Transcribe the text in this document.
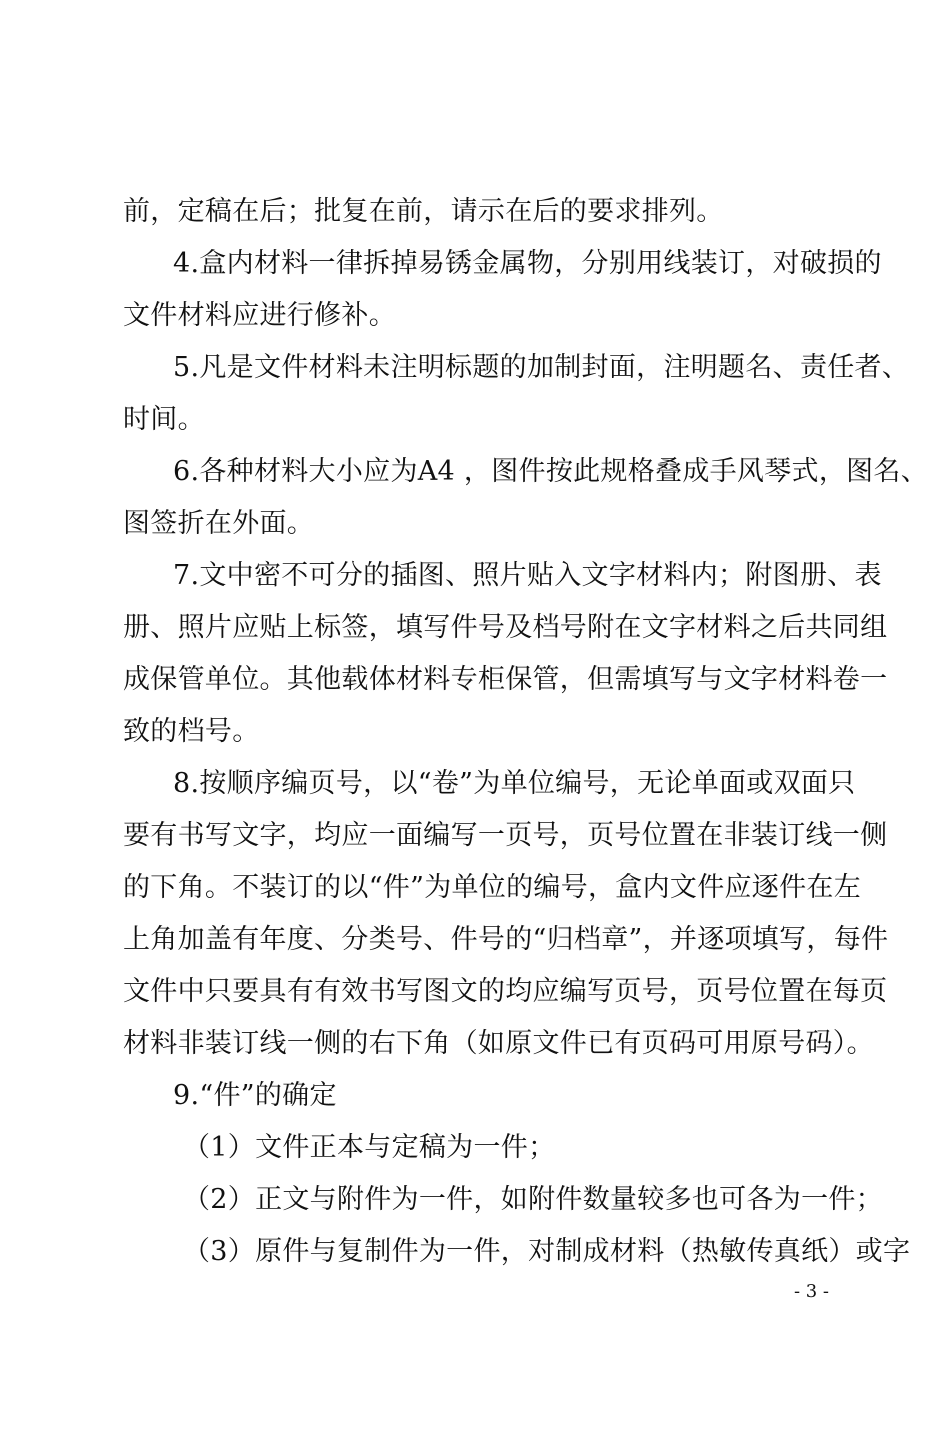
前，定稿在后；批复在前，请示在后的要求排列。
4.盒内材料一律拆掉易锈金属物，分别用线装订，对破损的
文件材料应进行修补。
5.凡是文件材料未注明标题的加制封面，注明题名、责任者、
时间。
6.各种材料大小应为A4 ，图件按此规格叠成手风琴式，图名、
图签折在外面。
7.文中密不可分的插图、照片贴入文字材料内；附图册、表
册、照片应贴上标签，填写件号及档号附在文字材料之后共同组
成保管单位。其他载体材料专柜保管，但需填写与文字材料卷一
致的档号。
8.按顺序编页号，以“卷”为单位编号，无论单面或双面只
要有书写文字，均应一面编写一页号，页号位置在非装订线一侧
的下角。不装订的以“件”为单位的编号，盒内文件应逐件在左
上角加盖有年度、分类号、件号的“归档章”，并逐项填写，每件
文件中只要具有有效书写图文的均应编写页号，页号位置在每页
材料非装订线一侧的右下角（如原文件已有页码可用原号码）。
9.“件”的确定
（1）文件正本与定稿为一件；
（2）正文与附件为一件，如附件数量较多也可各为一件；
（3）原件与复制件为一件，对制成材料（热敏传真纸）或字
- 3 -
